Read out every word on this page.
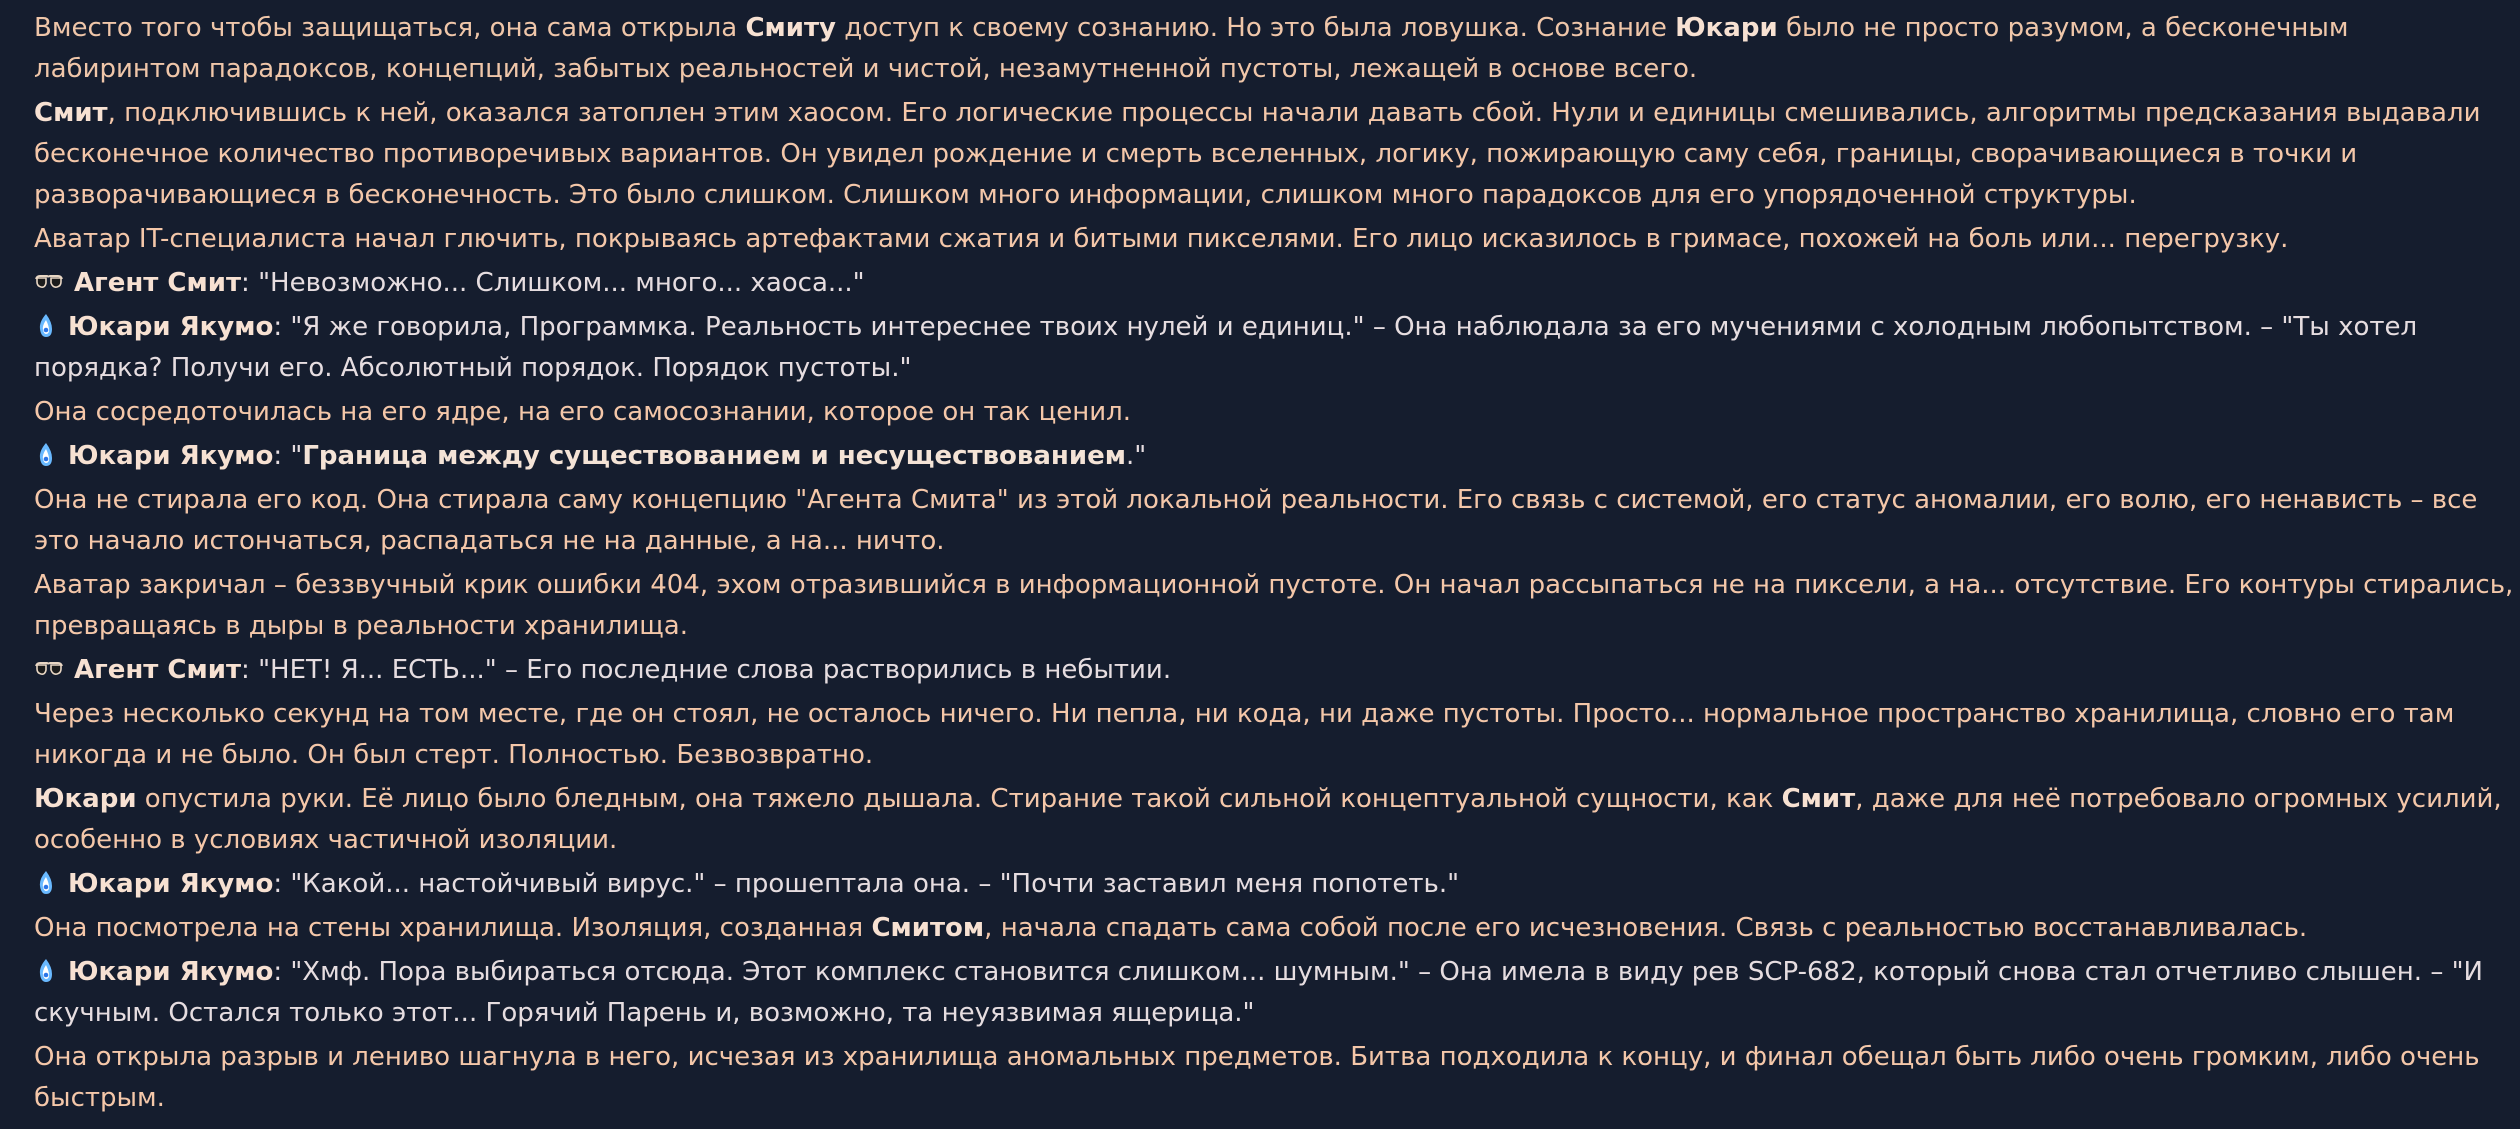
Вместо того чтобы защищаться, она сама открыла Смиту доступ к своему сознанию. Но это была ловушка. Сознание Юкари было не просто разумом, а бесконечным лабиринтом парадоксов, концепций, забытых реальностей и чистой, незамутненной пустоты, лежащей в основе всего.

Смит, подключившись к ней, оказался затоплен этим хаосом. Его логические процессы начали давать сбой. Нули и единицы смешивались, алгоритмы предсказания выдавали бесконечное количество противоречивых вариантов. Он увидел рождение и смерть вселенных, логику, пожирающую саму себя, границы, сворачивающиеся в точки и разворачивающиеся в бесконечность. Это было слишком. Слишком много информации, слишком много парадоксов для его упорядоченной структуры.

Аватар IT-специалиста начал глючить, покрываясь артефактами сжатия и битыми пикселями. Его лицо исказилось в гримасе, похожей на боль или... перегрузку.

Агент Смит: "Невозможно... Слишком... много... хаоса..."

Юкари Якумо: "Я же говорила, Программка. Реальность интереснее твоих нулей и единиц." – Она наблюдала за его мучениями с холодным любопытством. – "Ты хотел порядка? Получи его. Абсолютный порядок. Порядок пустоты."

Она сосредоточилась на его ядре, на его самосознании, которое он так ценил.

Юкари Якумо: "Граница между существованием и несуществованием."

Она не стирала его код. Она стирала саму концепцию "Агента Смита" из этой локальной реальности. Его связь с системой, его статус аномалии, его волю, его ненависть – все это начало истончаться, распадаться не на данные, а на... ничто.

Аватар закричал – беззвучный крик ошибки 404, эхом отразившийся в информационной пустоте. Он начал рассыпаться не на пиксели, а на... отсутствие. Его контуры стирались, превращаясь в дыры в реальности хранилища.

Агент Смит: "НЕТ! Я... ЕСТЬ..." – Его последние слова растворились в небытии.

Через несколько секунд на том месте, где он стоял, не осталось ничего. Ни пепла, ни кода, ни даже пустоты. Просто... нормальное пространство хранилища, словно его там никогда и не было. Он был стерт. Полностью. Безвозвратно.

Юкари опустила руки. Её лицо было бледным, она тяжело дышала. Стирание такой сильной концептуальной сущности, как Смит, даже для неё потребовало огромных усилий, особенно в условиях частичной изоляции.

Юкари Якумо: "Какой... настойчивый вирус." – прошептала она. – "Почти заставил меня попотеть."

Она посмотрела на стены хранилища. Изоляция, созданная Смитом, начала спадать сама собой после его исчезновения. Связь с реальностью восстанавливалась.

Юкари Якумо: "Хмф. Пора выбираться отсюда. Этот комплекс становится слишком... шумным." – Она имела в виду рев SCP-682, который снова стал отчетливо слышен. – "И скучным. Остался только этот... Горячий Парень и, возможно, та неуязвимая ящерица."

Она открыла разрыв и лениво шагнула в него, исчезая из хранилища аномальных предметов. Битва подходила к концу, и финал обещал быть либо очень громким, либо очень быстрым.
